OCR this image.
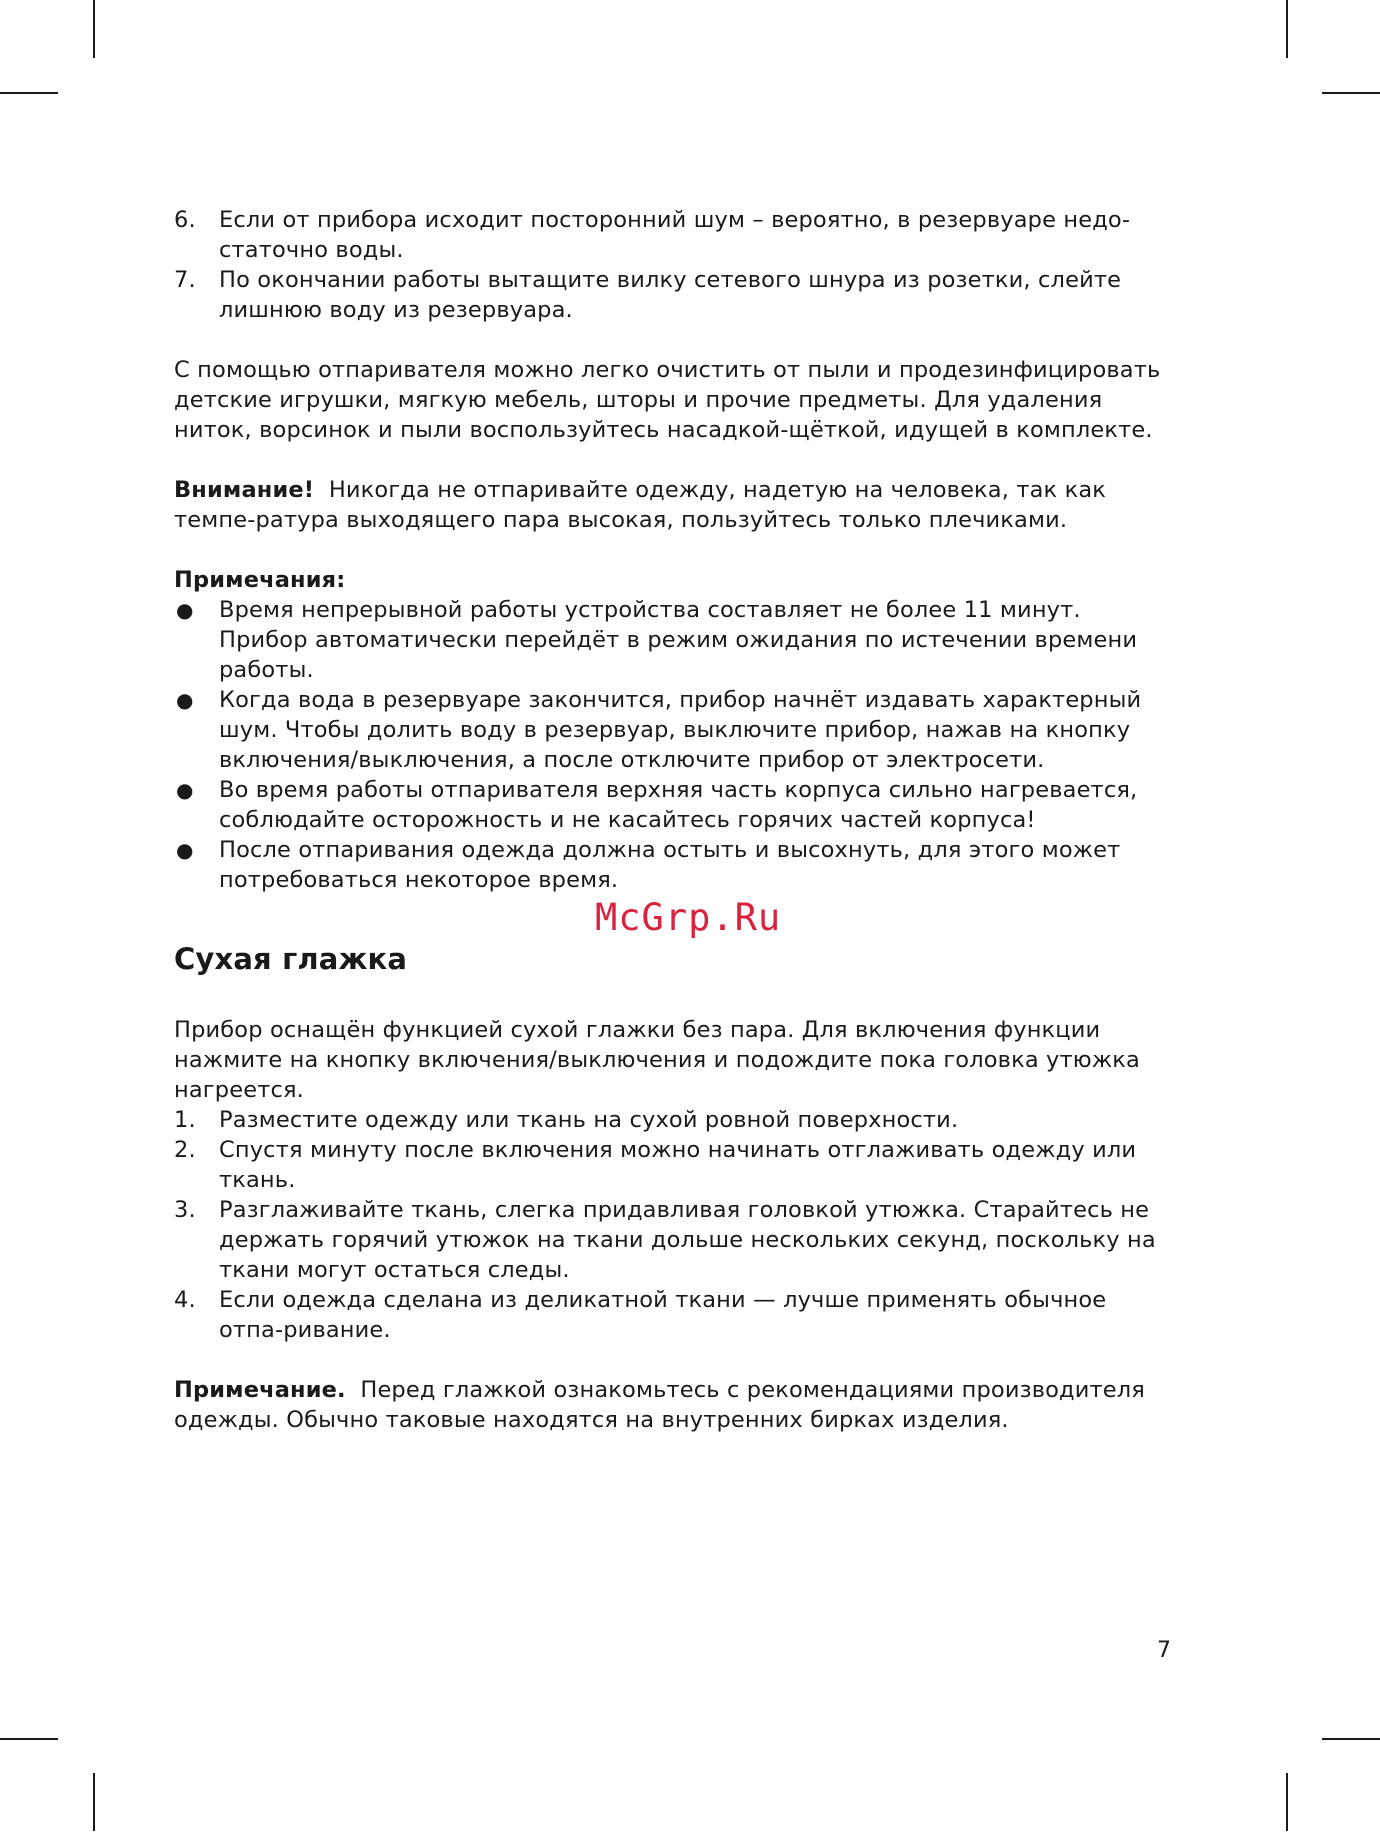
6. Если от прибора исходит посторонний шум – вероятно, в резервуаре недо-статочно воды.
7. По окончании работы вытащите вилку сетевого шнура из розетки, слейте лишнюю воду из резервуара.

С помощью отпаривателя можно легко очистить от пыли и продезинфицировать детские игрушки, мягкую мебель, шторы и прочие предметы. Для удаления ниток, ворсинок и пыли воспользуйтесь насадкой-щёткой, идущей в комплекте.

Внимание! Никогда не отпаривайте одежду, надетую на человека, так как темпе-ратура выходящего пара высокая, пользуйтесь только плечиками.

Примечания:

● Время непрерывной работы устройства составляет не более 11 минут. Прибор автоматически перейдёт в режим ожидания по истечении времени работы.
● Когда вода в резервуаре закончится, прибор начнёт издавать характерный шум. Чтобы долить воду в резервуар, выключите прибор, нажав на кнопку включения/выключения, а после отключите прибор от электросети.
● Во время работы отпаривателя верхняя часть корпуса сильно нагревается, соблюдайте осторожность и не касайтесь горячих частей корпуса!
● После отпаривания одежда должна остыть и высохнуть, для этого может потребоваться некоторое время.
Сухая глажка

Прибор оснащён функцией сухой глажки без пара. Для включения функции нажмите на кнопку включения/выключения и подождите пока головка утюжка нагреется.

1. Разместите одежду или ткань на сухой ровной поверхности.
2. Спустя минуту после включения можно начинать отглаживать одежду или ткань.
3. Разглаживайте ткань, слегка придавливая головкой утюжка. Старайтесь не держать горячий утюжок на ткани дольше нескольких секунд, поскольку на ткани могут остаться следы.
4. Если одежда сделана из деликатной ткани — лучше применять обычное отпа-ривание.

Примечание. Перед глажкой ознакомьтесь с рекомендациями производителя одежды. Обычно таковые находятся на внутренних бирках изделия.

McGrp.Ru
7
